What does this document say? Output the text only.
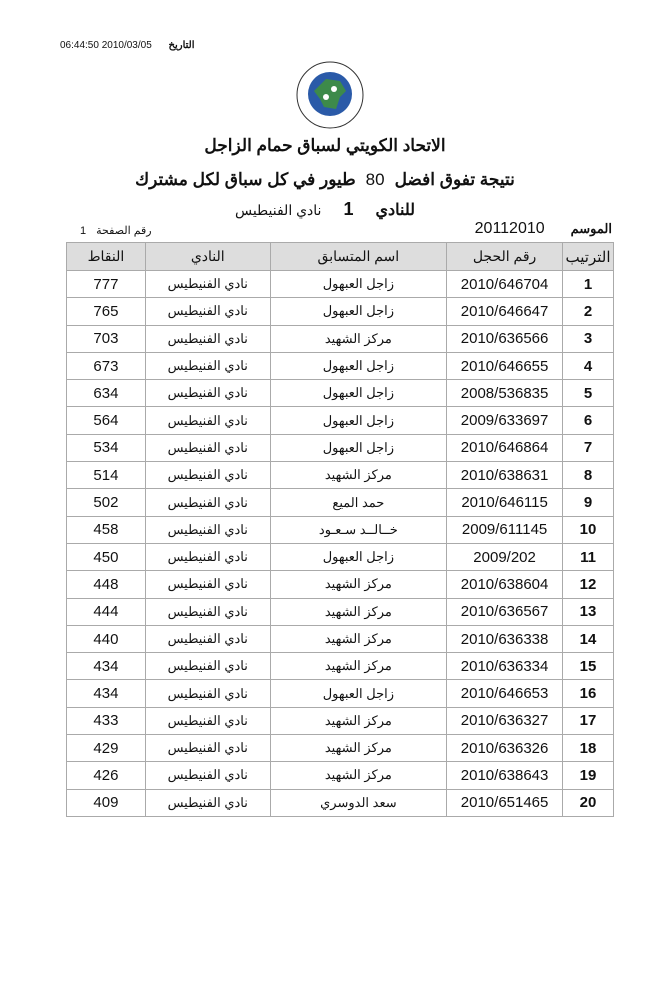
06:44:50 2010/03/05 التاريخ
الاتحاد الكويتي لسباق حمام الزاجل
نتيجة تفوق افضل80طيور في كل سباق لكل مشترك
للنادي1نادي الفنيطيس
الموسم20112010
رقم الصفحة1
الترتيب	رقم الحجل	اسم المتسابق	النادي	النقاط
1	2010/646704	زاجل العبهول	نادي الفنيطيس	777
2	2010/646647	زاجل العبهول	نادي الفنيطيس	765
3	2010/636566	مركز الشهيد	نادي الفنيطيس	703
4	2010/646655	زاجل العبهول	نادي الفنيطيس	673
5	2008/536835	زاجل العبهول	نادي الفنيطيس	634
6	2009/633697	زاجل العبهول	نادي الفنيطيس	564
7	2010/646864	زاجل العبهول	نادي الفنيطيس	534
8	2010/638631	مركز الشهيد	نادي الفنيطيس	514
9	2010/646115	حمد الميع	نادي الفنيطيس	502
10	2009/611145	خــالــد سـعـود	نادي الفنيطيس	458
11	2009/202	زاجل العبهول	نادي الفنيطيس	450
12	2010/638604	مركز الشهيد	نادي الفنيطيس	448
13	2010/636567	مركز الشهيد	نادي الفنيطيس	444
14	2010/636338	مركز الشهيد	نادي الفنيطيس	440
15	2010/636334	مركز الشهيد	نادي الفنيطيس	434
16	2010/646653	زاجل العبهول	نادي الفنيطيس	434
17	2010/636327	مركز الشهيد	نادي الفنيطيس	433
18	2010/636326	مركز الشهيد	نادي الفنيطيس	429
19	2010/638643	مركز الشهيد	نادي الفنيطيس	426
20	2010/651465	سعد الدوسري	نادي الفنيطيس	409
